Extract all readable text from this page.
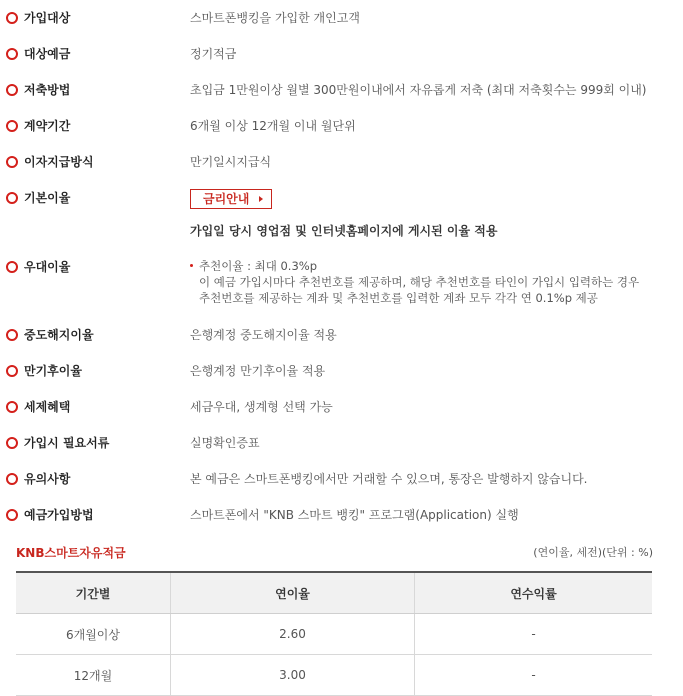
가입대상	스마트폰뱅킹을 가입한 개인고객
대상예금	정기적금
저축방법	초입금 1만원이상 월별 300만원이내에서 자유롭게 저축 (최대 저축횟수는 999회 이내)
계약기간	6개월 이상 12개월 이내 월단위
이자지급방식	만기일시지급식
기본이율	금리안내
가입일 당시 영업점 및 인터넷홈페이지에 게시된 이율 적용
우대이율	추천이율 : 최대 0.3%p
이 예금 가입시마다 추천번호를 제공하며, 해당 추천번호를 타인이 가입시 입력하는 경우
추천번호를 제공하는 계좌 및 추천번호를 입력한 계좌 모두 각각 연 0.1%p 제공
중도해지이율	은행계정 중도해지이율 적용
만기후이율	은행계정 만기후이율 적용
세제혜택	세금우대, 생계형 선택 가능
가입시 필요서류	실명확인증표
유의사항	본 예금은 스마트폰뱅킹에서만 거래할 수 있으며, 통장은 발행하지 않습니다.
예금가입방법	스마트폰에서 "KNB 스마트 뱅킹" 프로그램(Application) 실행
KNB스마트자유적금	(연이율, 세전)(단위 : %)
기간별	연이율	연수익률
6개월이상	2.60	-
12개월	3.00	-
